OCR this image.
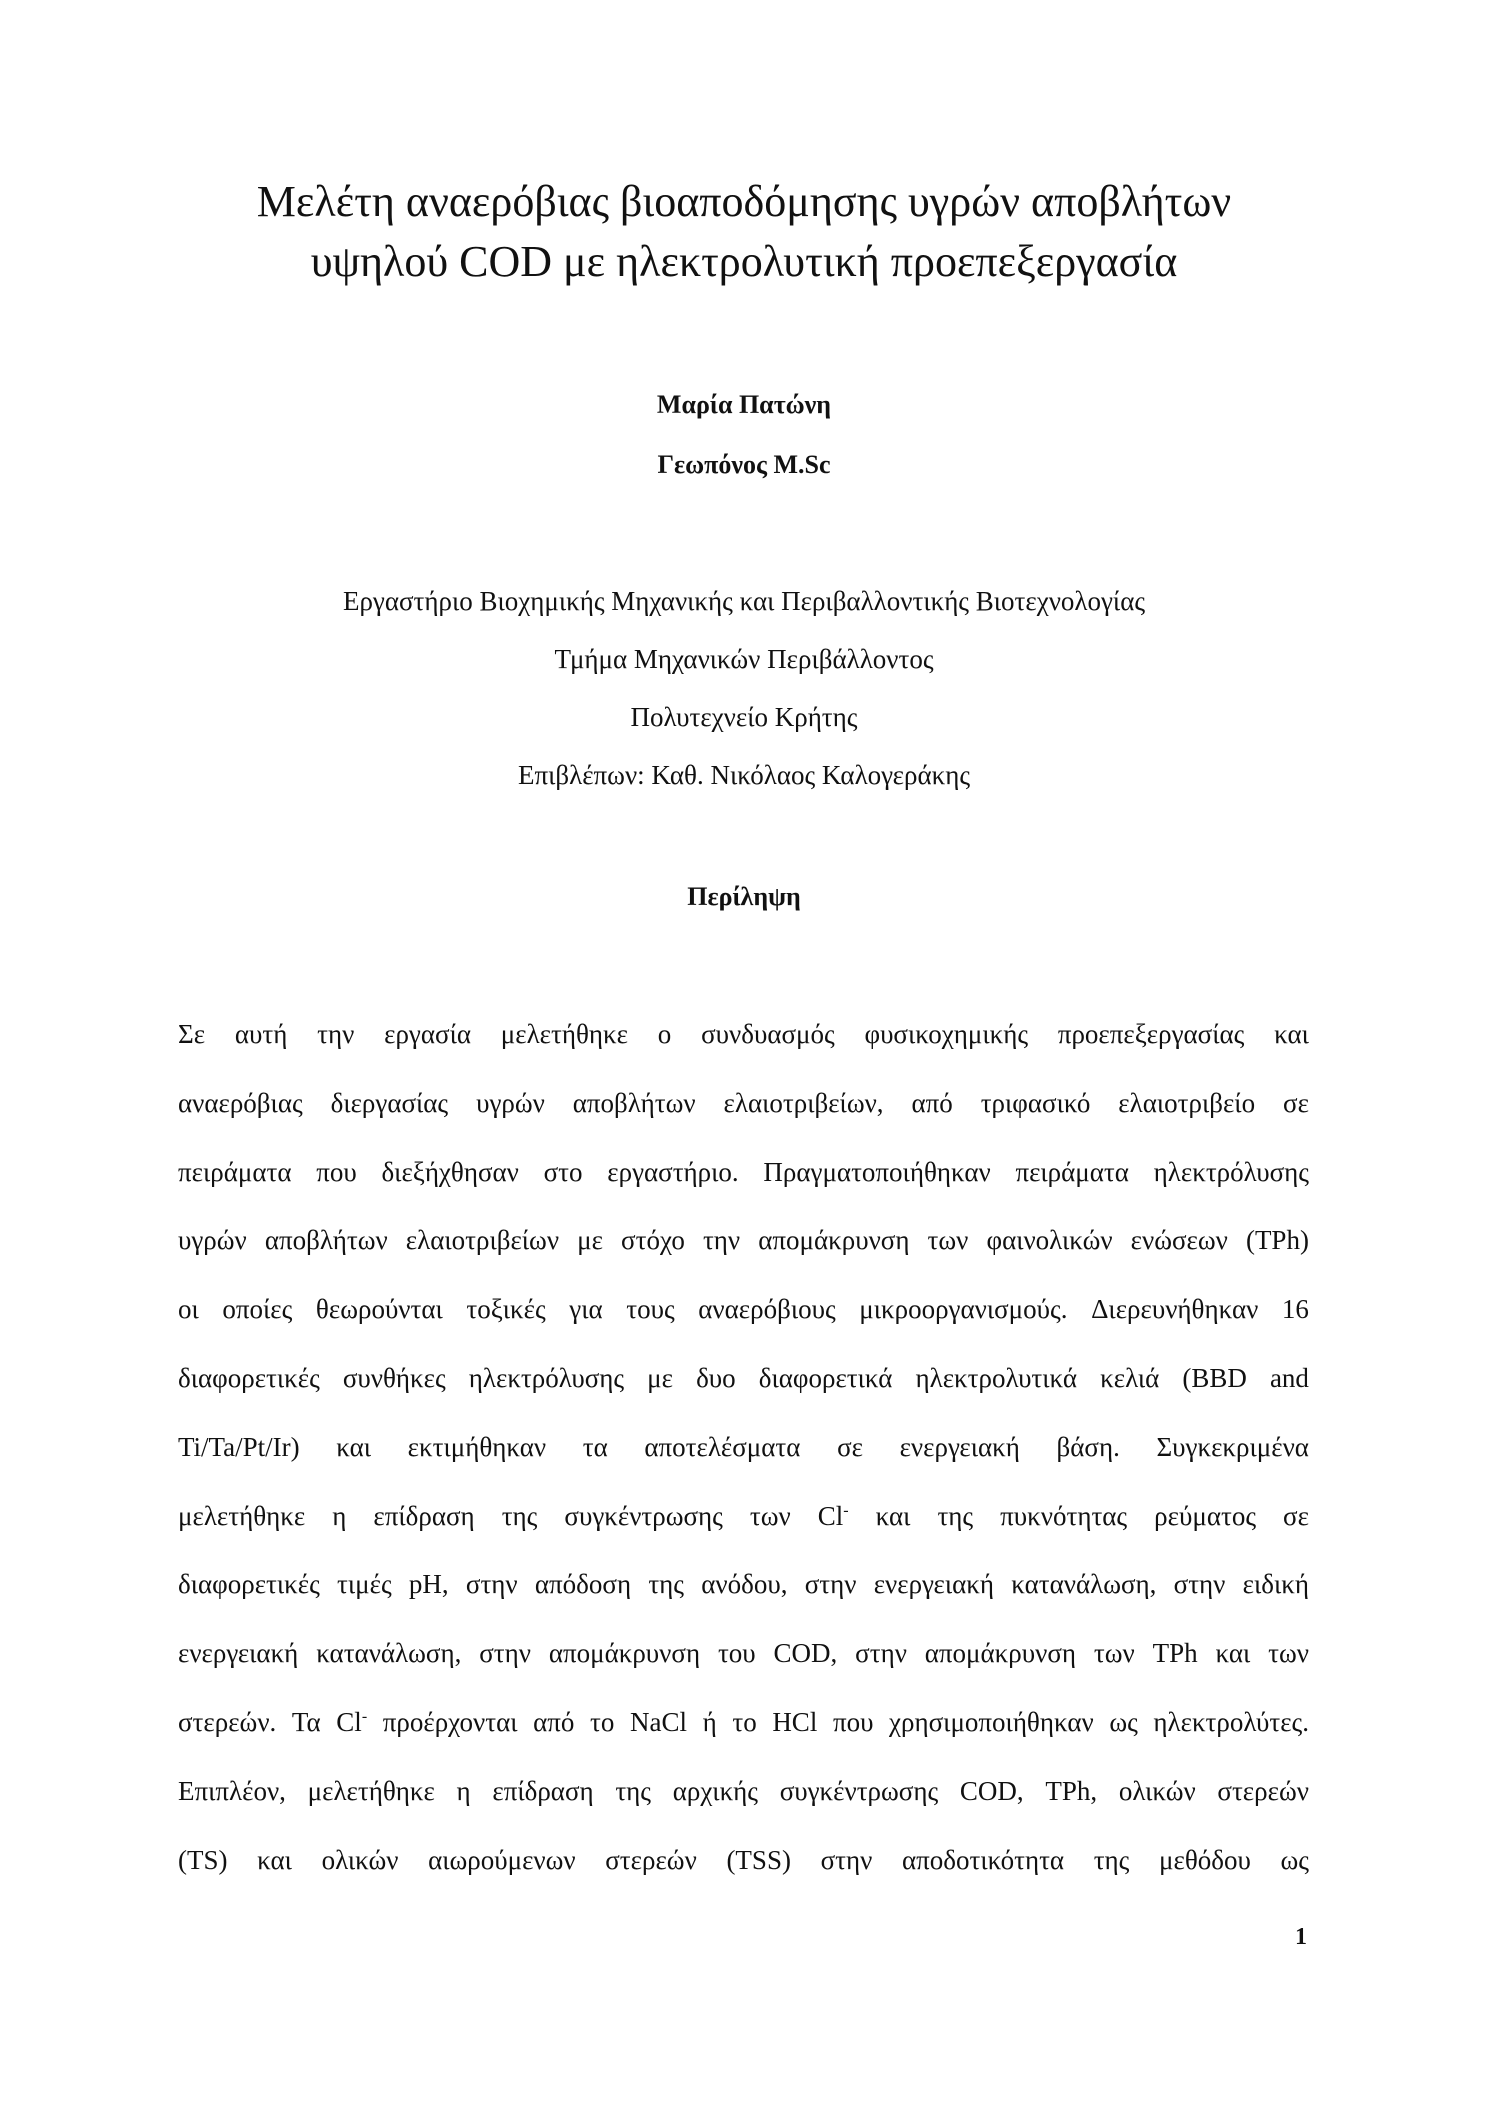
Μελέτη αναερόβιας βιοαποδόμησης υγρών αποβλήτων
υψηλού COD με ηλεκτρολυτική προεπεξεργασία
Μαρία Πατώνη
Γεωπόνος M.Sc
Εργαστήριο Βιοχημικής Μηχανικής και Περιβαλλοντικής Βιοτεχνολογίας
Τμήμα Μηχανικών Περιβάλλοντος
Πολυτεχνείο Κρήτης
Επιβλέπων: Καθ. Νικόλαος Καλογεράκης
Περίληψη
Σε αυτή την εργασία μελετήθηκε ο συνδυασμός φυσικοχημικής προεπεξεργασίας και
αναερόβιας διεργασίας υγρών αποβλήτων ελαιοτριβείων, από τριφασικό ελαιοτριβείο σε
πειράματα που διεξήχθησαν στο εργαστήριο. Πραγματοποιήθηκαν πειράματα ηλεκτρόλυσης
υγρών αποβλήτων ελαιοτριβείων με στόχο την απομάκρυνση των φαινολικών ενώσεων (TPh)
οι οποίες θεωρούνται τοξικές για τους αναερόβιους μικροοργανισμούς. Διερευνήθηκαν 16
διαφορετικές συνθήκες ηλεκτρόλυσης με δυο διαφορετικά ηλεκτρολυτικά κελιά (BBD and
Ti/Ta/Pt/Ir) και εκτιμήθηκαν τα αποτελέσματα σε ενεργειακή βάση. Συγκεκριμένα
μελετήθηκε η επίδραση της συγκέντρωσης των Cl- και της πυκνότητας ρεύματος σε
διαφορετικές τιμές pH, στην απόδοση της ανόδου, στην ενεργειακή κατανάλωση, στην ειδική
ενεργειακή κατανάλωση, στην απομάκρυνση του COD, στην απομάκρυνση των TPh και των
στερεών. Τα Cl- προέρχονται από το NaCl ή το HCl που χρησιμοποιήθηκαν ως ηλεκτρολύτες.
Επιπλέον, μελετήθηκε η επίδραση της αρχικής συγκέντρωσης COD, TPh, ολικών στερεών
(TS) και ολικών αιωρούμενων στερεών (TSS) στην αποδοτικότητα της μεθόδου ως
1
